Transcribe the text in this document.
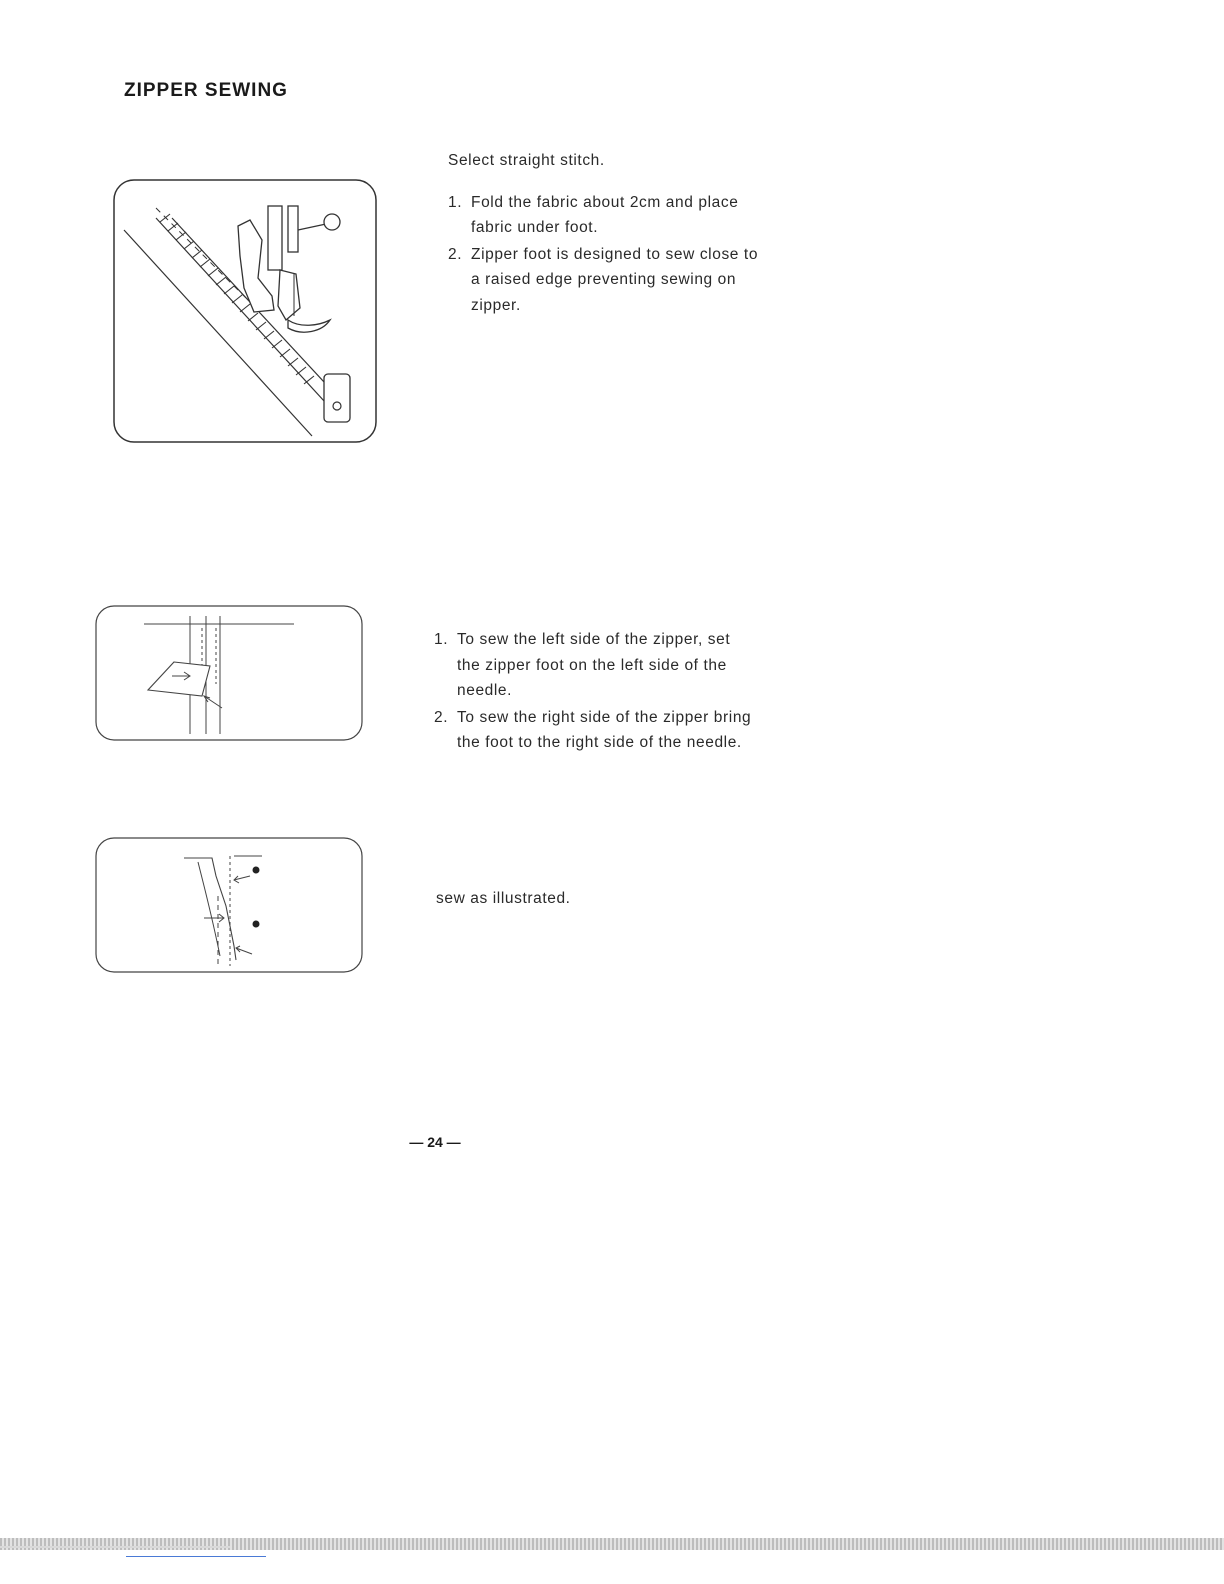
ZIPPER SEWING

Select straight stitch.

1. Fold the fabric about 2cm and place fabric under foot.
2. Zipper foot is designed to sew close to a raised edge preventing sewing on zipper.
1. To sew the left side of the zipper, set the zipper foot on the left side of the needle.
2. To sew the right side of the zipper bring the foot to the right side of the needle.

sew as illustrated.

— 24 —
